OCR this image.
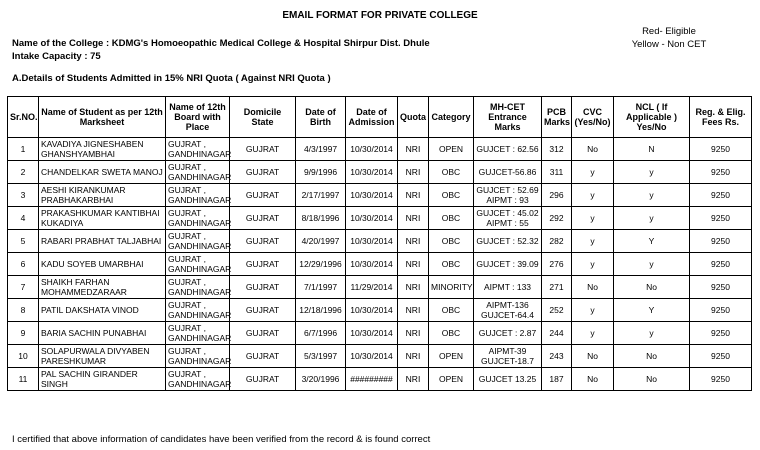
EMAIL FORMAT FOR PRIVATE COLLEGE
Red- Eligible
Yellow - Non CET
Name of the College : KDMG's Homoeopathic Medical College & Hospital Shirpur Dist. Dhule
Intake Capacity : 75
A.Details of Students Admitted in 15% NRI Quota ( Against NRI Quota )
Sr.NO.	Name of Student as per 12th Marksheet	Name of 12th Board with Place	Domicile State	Date of Birth	Date of Admission	Quota	Category	MH-CET Entrance Marks	PCB Marks	CVC (Yes/No)	NCL ( If Applicable ) Yes/No	Reg. & Elig. Fees Rs.
1	KAVADIYA JIGNESHABEN GHANSHYAMBHAI	GUJRAT , GANDHINAGAR	GUJRAT	4/3/1997	10/30/2014	NRI	OPEN	GUJCET : 62.56	312	No	N	9250
2	CHANDELKAR SWETA MANOJ	GUJRAT , GANDHINAGAR	GUJRAT	9/9/1996	10/30/2014	NRI	OBC	GUJCET-56.86	311	y	y	9250
3	AESHI KIRANKUMAR PRABHAKARBHAI	GUJRAT , GANDHINAGAR	GUJRAT	2/17/1997	10/30/2014	NRI	OBC	GUJCET : 52.69 AIPMT : 93	296	y	y	9250
4	PRAKASHKUMAR KANTIBHAI KUKADIYA	GUJRAT , GANDHINAGAR	GUJRAT	8/18/1996	10/30/2014	NRI	OBC	GUJCET : 45.02 AIPMT : 55	292	y	y	9250
5	RABARI PRABHAT TALJABHAI	GUJRAT , GANDHINAGAR	GUJRAT	4/20/1997	10/30/2014	NRI	OBC	GUJCET : 52.32	282	y	Y	9250
6	KADU SOYEB UMARBHAI	GUJRAT , GANDHINAGAR	GUJRAT	12/29/1996	10/30/2014	NRI	OBC	GUJCET : 39.09	276	y	y	9250
7	SHAIKH FARHAN MOHAMMEDZARAAR	GUJRAT , GANDHINAGAR	GUJRAT	7/1/1997	11/29/2014	NRI	MINORITY	AIPMT : 133	271	No	No	9250
8	PATIL DAKSHATA VINOD	GUJRAT , GANDHINAGAR	GUJRAT	12/18/1996	10/30/2014	NRI	OBC	AIPMT-136 GUJCET-64.4	252	y	Y	9250
9	BARIA SACHIN PUNABHAI	GUJRAT , GANDHINAGAR	GUJRAT	6/7/1996	10/30/2014	NRI	OBC	GUJCET : 2.87	244	y	y	9250
10	SOLAPURWALA DIVYABEN PARESHKUMAR	GUJRAT , GANDHINAGAR	GUJRAT	5/3/1997	10/30/2014	NRI	OPEN	AIPMT-39 GUJCET-18.7	243	No	No	9250
11	PAL SACHIN GIRANDER SINGH	GUJRAT , GANDHINAGAR	GUJRAT	3/20/1996	#########	NRI	OPEN	GUJCET 13.25	187	No	No	9250
I certified that above information of candidates have been verified from the record & is found correct
